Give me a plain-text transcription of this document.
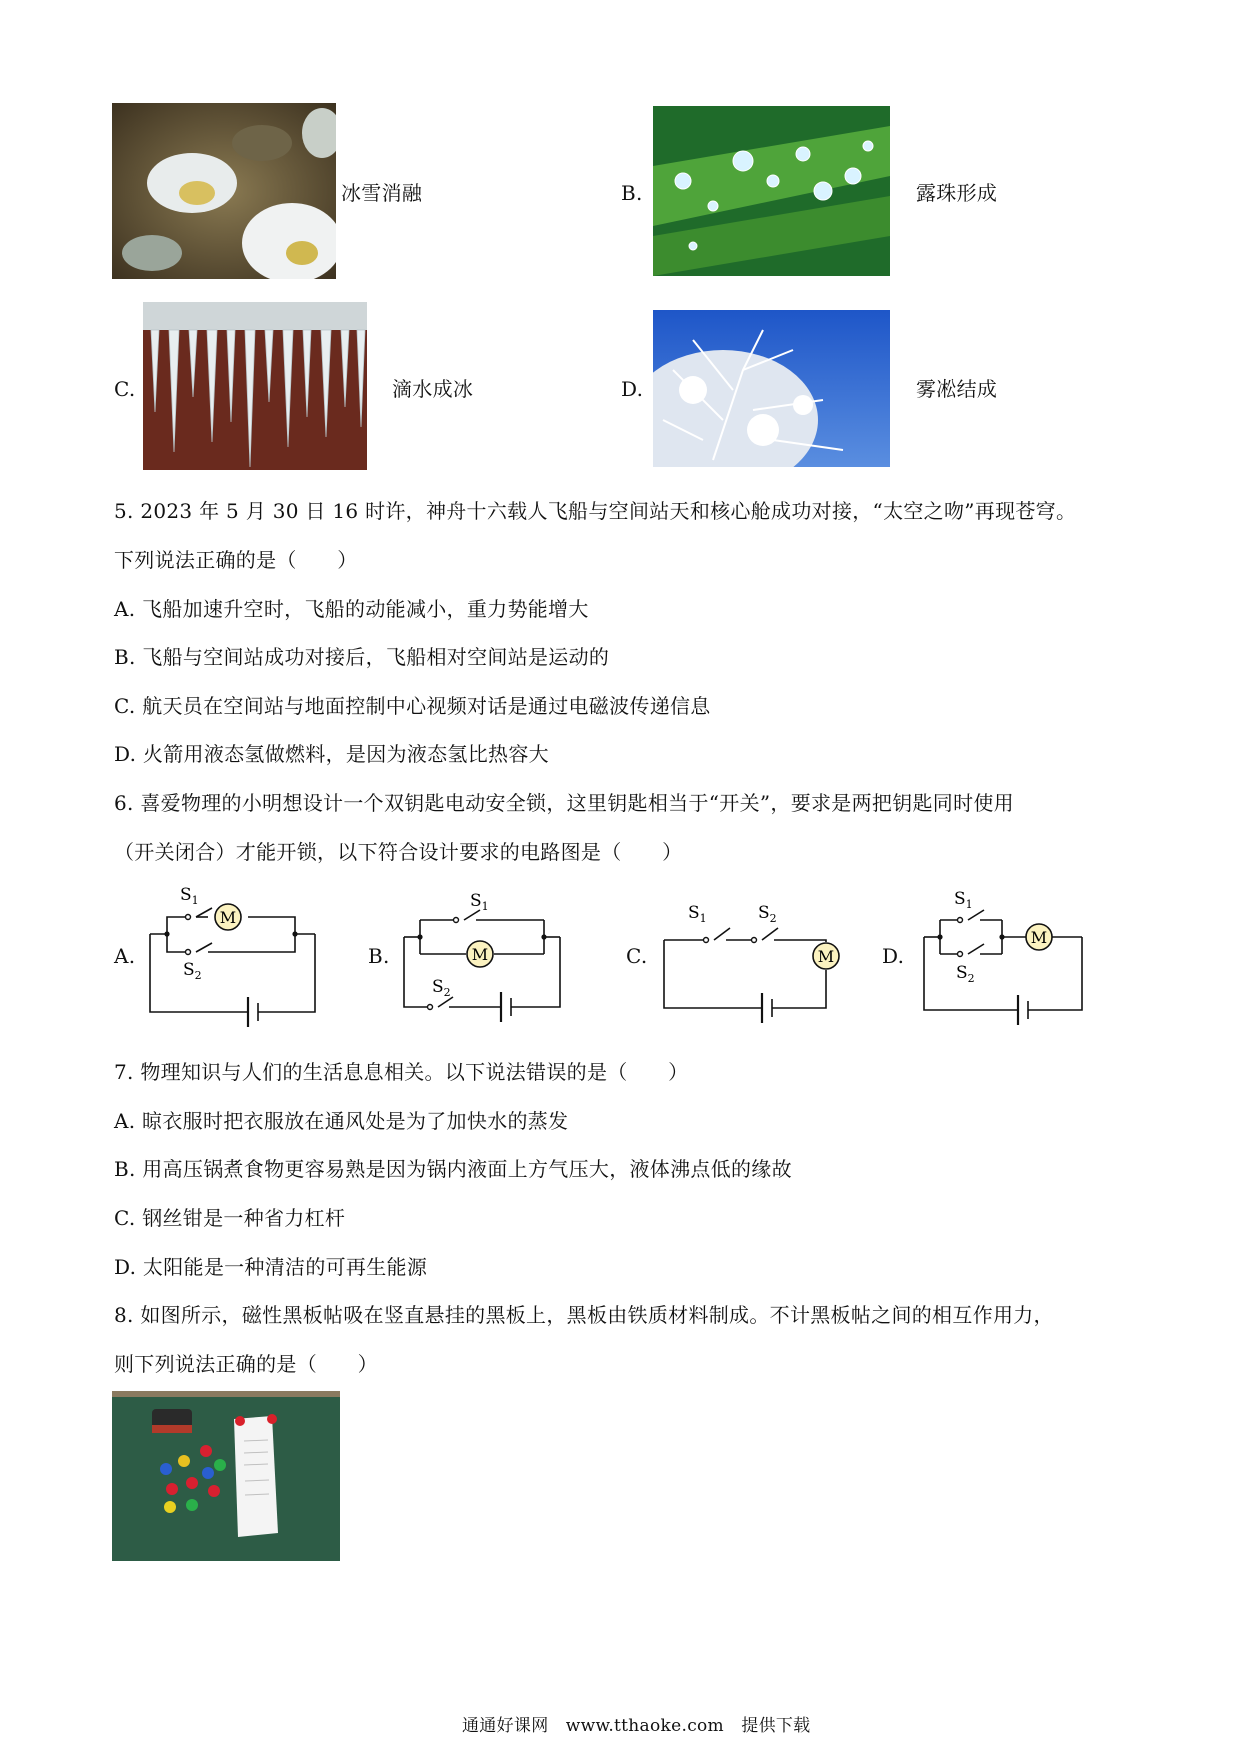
冰雪消融	B.	露珠形成
C.	滴水成冰	D.	雾凇结成
5. 2023 年 5 月 30 日 16 时许，神舟十六载人飞船与空间站天和核心舱成功对接，“太空之吻”再现苍穹。
下列说法正确的是（　　）
A. 飞船加速升空时，飞船的动能减小，重力势能增大
B. 飞船与空间站成功对接后，飞船相对空间站是运动的
C. 航天员在空间站与地面控制中心视频对话是通过电磁波传递信息
D. 火箭用液态氢做燃料，是因为液态氢比热容大
6. 喜爱物理的小明想设计一个双钥匙电动安全锁，这里钥匙相当于“开关”，要求是两把钥匙同时使用
（开关闭合）才能开锁，以下符合设计要求的电路图是（　　）
A.
M
$S_1$
$S_2$
B.	M
$S_1$
$S_2$
C.	M
$S_1$	$S_2$
D.
M
$S_1$
$S_2$
7. 物理知识与人们的生活息息相关。以下说法错误的是（　　）
A. 晾衣服时把衣服放在通风处是为了加快水的蒸发
B. 用高压锅煮食物更容易熟是因为锅内液面上方气压大，液体沸点低的缘故
C. 钢丝钳是一种省力杠杆
D. 太阳能是一种清洁的可再生能源
8. 如图所示，磁性黑板帖吸在竖直悬挂的黑板上，黑板由铁质材料制成。不计黑板帖之间的相互作用力，
则下列说法正确的是（　　）
通通好课网　www.tthaoke.com　提供下载
